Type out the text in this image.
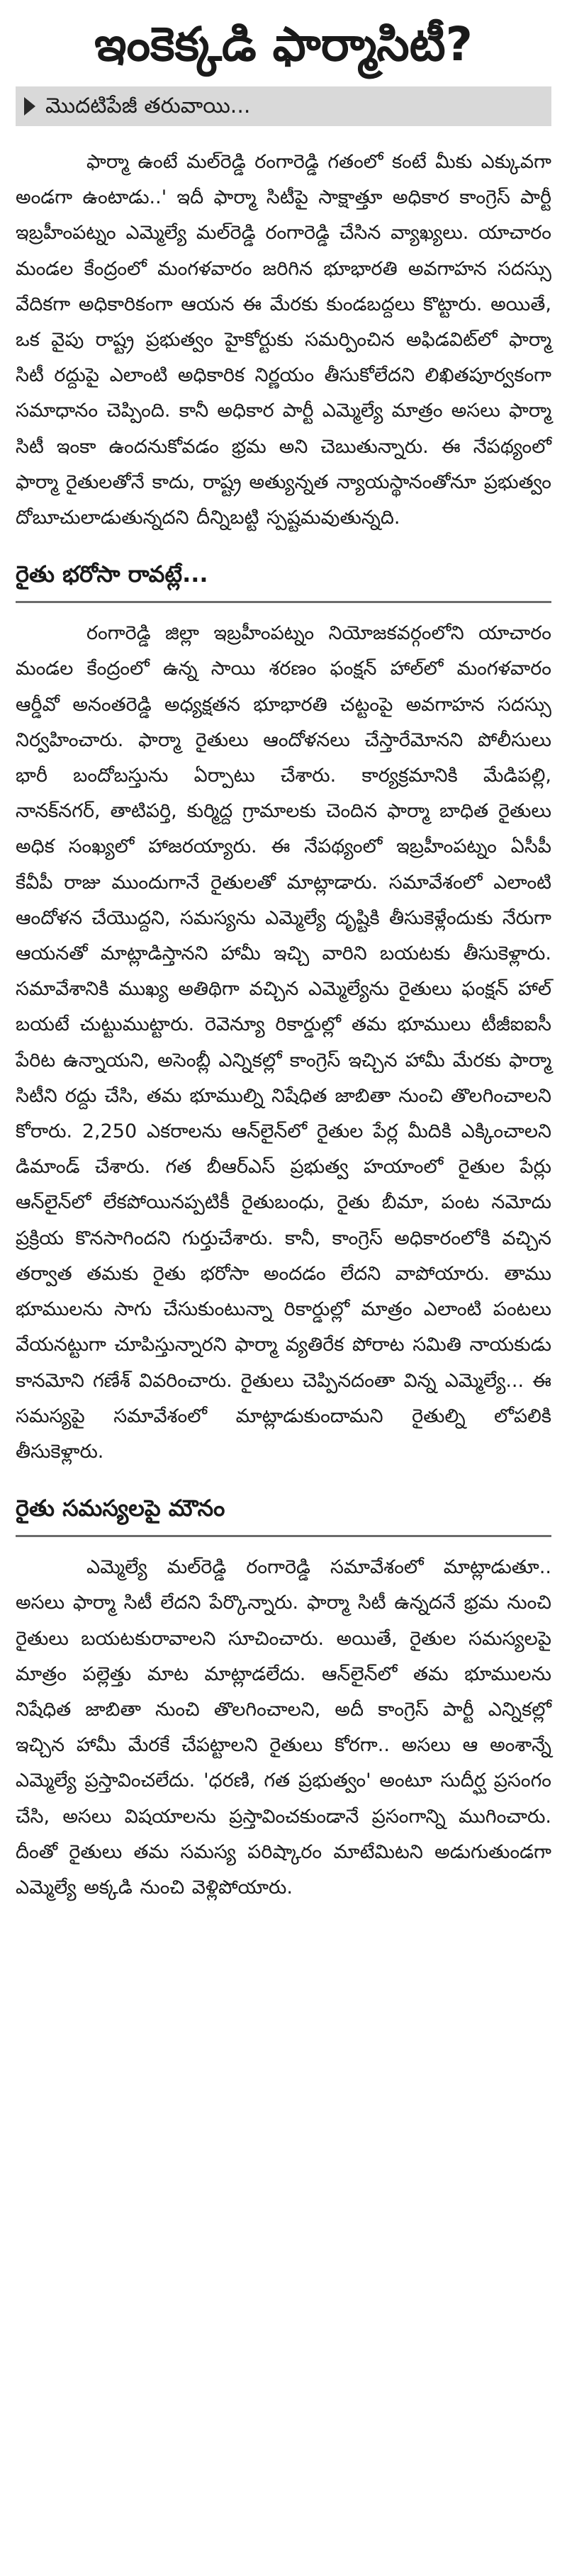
ఇంకెక్కడి ఫార్మాసిటీ?
మొదటిపేజీ తరువాయి...

ఫార్మా ఉంటే మల్‌రెడ్డి రంగారెడ్డి గతంలో కంటే మీకు ఎక్కువగా అండగా ఉంటాడు..' ఇదీ ఫార్మా సిటీపై సాక్షాత్తూ అధికార కాంగ్రెస్ పార్టీ ఇబ్రహీంపట్నం ఎమ్మెల్యే మల్‌రెడ్డి రంగారెడ్డి చేసిన వ్యాఖ్యలు. యాచారం మండల కేంద్రంలో మంగళవారం జరిగిన భూభారతి అవగాహన సదస్సు వేదికగా అధికారికంగా ఆయన ఈ మేరకు కుండబద్దలు కొట్టారు. అయితే, ఒక వైపు రాష్ట్ర ప్రభుత్వం హైకోర్టుకు సమర్పించిన అఫిడవిట్‌లో ఫార్మా సిటీ రద్దుపై ఎలాంటి అధికారిక నిర్ణయం తీసుకోలేదని లిఖితపూర్వకంగా సమాధానం చెప్పింది. కానీ అధికార పార్టీ ఎమ్మెల్యే మాత్రం అసలు ఫార్మా సిటీ ఇంకా ఉందనుకోవడం భ్రమ అని చెబుతున్నారు. ఈ నేపథ్యంలో ఫార్మా రైతులతోనే కాదు, రాష్ట్ర అత్యున్నత న్యాయస్థానంతోనూ ప్రభుత్వం దోబూచులాడుతున్నదని దీన్నిబట్టి స్పష్టమవుతున్నది.

రైతు భరోసా రావట్లే...

రంగారెడ్డి జిల్లా ఇబ్రహీంపట్నం నియోజకవర్గంలోని యాచారం మండల కేంద్రంలో ఉన్న సాయి శరణం ఫంక్షన్ హాల్‌లో మంగళవారం ఆర్డీవో అనంతరెడ్డి అధ్యక్షతన భూభారతి చట్టంపై అవగాహన సదస్సు నిర్వహించారు. ఫార్మా రైతులు ఆందోళనలు చేస్తారేమోనని పోలీసులు భారీ బందోబస్తును ఏర్పాటు చేశారు. కార్యక్రమానికి మేడిపల్లి, నానక్‌నగర్, తాటిపర్తి, కుర్మిద్ద గ్రామాలకు చెందిన ఫార్మా బాధిత రైతులు అధిక సంఖ్యలో హాజరయ్యారు. ఈ నేపథ్యంలో ఇబ్రహీంపట్నం ఏసీపీ కేవీపీ రాజు ముందుగానే రైతులతో మాట్లాడారు. సమావేశంలో ఎలాంటి ఆందోళన చేయొద్దని, సమస్యను ఎమ్మెల్యే దృష్టికి తీసుకెళ్లేందుకు నేరుగా ఆయనతో మాట్లాడిస్తానని హామీ ఇచ్చి వారిని బయటకు తీసుకెళ్లారు. సమావేశానికి ముఖ్య అతిథిగా వచ్చిన ఎమ్మెల్యేను రైతులు ఫంక్షన్ హాల్ బయటే చుట్టుముట్టారు. రెవెన్యూ రికార్డుల్లో తమ భూములు టీజీఐఐసీ పేరిట ఉన్నాయని, అసెంబ్లీ ఎన్నికల్లో కాంగ్రెస్ ఇచ్చిన హామీ మేరకు ఫార్మా సిటీని రద్దు చేసి, తమ భూముల్ని నిషేధిత జాబితా నుంచి తొలగించాలని కోరారు. 2,250 ఎకరాలను ఆన్‌లైన్‌లో రైతుల పేర్ల మీదికి ఎక్కించాలని డిమాండ్ చేశారు. గత బీఆర్ఎస్ ప్రభుత్వ హయాంలో రైతుల పేర్లు ఆన్‌లైన్‌లో లేకపోయినప్పటికీ రైతుబంధు, రైతు బీమా, పంట నమోదు ప్రక్రియ కొనసాగిందని గుర్తుచేశారు. కానీ, కాంగ్రెస్ అధికారంలోకి వచ్చిన తర్వాత తమకు రైతు భరోసా అందడం లేదని వాపోయారు. తాము భూములను సాగు చేసుకుంటున్నా రికార్డుల్లో మాత్రం ఎలాంటి పంటలు వేయనట్టుగా చూపిస్తున్నారని ఫార్మా వ్యతిరేక పోరాట సమితి నాయకుడు కానమోని గణేశ్ వివరించారు. రైతులు చెప్పినదంతా విన్న ఎమ్మెల్యే... ఈ సమస్యపై సమావేశంలో మాట్లాడుకుందామని రైతుల్ని లోపలికి తీసుకెళ్లారు.

రైతు సమస్యలపై మౌనం

ఎమ్మెల్యే మల్‌రెడ్డి రంగారెడ్డి సమావేశంలో మాట్లాడుతూ.. అసలు ఫార్మా సిటీ లేదని పేర్కొన్నారు. ఫార్మా సిటీ ఉన్నదనే భ్రమ నుంచి రైతులు బయటకురావాలని సూచించారు. అయితే, రైతుల సమస్యలపై మాత్రం పల్లెత్తు మాట మాట్లాడలేదు. ఆన్‌లైన్‌లో తమ భూములను నిషేధిత జాబితా నుంచి తొలగించాలని, అదీ కాంగ్రెస్ పార్టీ ఎన్నికల్లో ఇచ్చిన హామీ మేరకే చేపట్టాలని రైతులు కోరగా.. అసలు ఆ అంశాన్నే ఎమ్మెల్యే ప్రస్తావించలేదు. 'ధరణి, గత ప్రభుత్వం' అంటూ సుదీర్ఘ ప్రసంగం చేసి, అసలు విషయాలను ప్రస్తావించకుండానే ప్రసంగాన్ని ముగించారు. దీంతో రైతులు తమ సమస్య పరిష్కారం మాటేమిటని అడుగుతుండగా ఎమ్మెల్యే అక్కడి నుంచి వెళ్లిపోయారు.
